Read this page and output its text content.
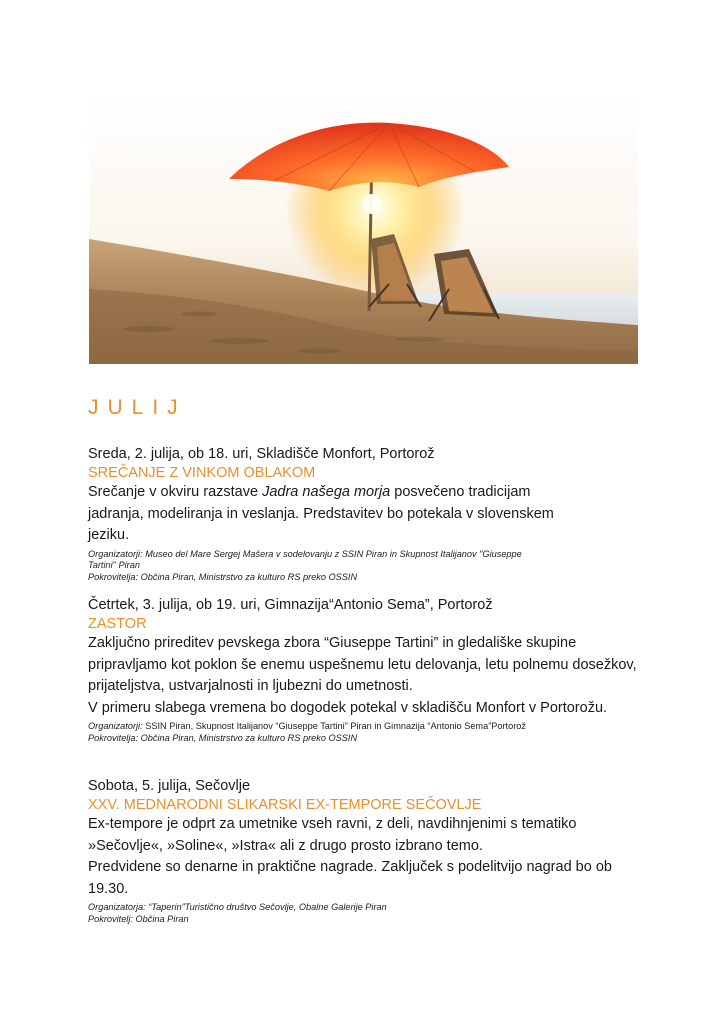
JULIJ
Sreda, 2. julija, ob 18. uri, Skladišče Monfort, Portorož
SREČANJE Z VINKOM OBLAKOM
Srečanje v okviru razstave Jadra našega morja posvečeno tradicijam jadranja, modeliranja in veslanja. Predstavitev bo potekala v slovenskem jeziku.
Organizatorji: Museo del Mare Sergej Mašera v sodelovanju z SSIN Piran in Skupnost Italijanov "Giuseppe Tartini" Piran
Pokroviteljа: Občina Piran, Ministrstvo za kulturo RS preko OSSIN
Četrtek, 3. julija, ob 19. uri, Gimnazija“Antonio Sema”, Portorož
ZASTOR

Zaključno prireditev pevskega zbora “Giuseppe Tartini” in gledališke skupine pripravljamo kot poklon še enemu uspešnemu letu delovanja, letu polnemu dosežkov, prijateljstva, ustvarjalnosti in ljubezni do umetnosti.

V primeru slabega vremena bo dogodek potekal v skladišču Monfort v Portorožu.

Organizatorji: SSIN Piran, Skupnost Italijanov “Giuseppe Tartini” Piran in Gimnazija “Antonio Sema”Portorož
Pokroviteljа: Občina Piran, Ministrstvo za kulturo RS preko OSSIN
Sobota, 5. julija, Sečovlje
XXV. MEDNARODNI SLIKARSKI EX-TEMPORE SEČOVLJE

Ex-tempore je odprt za umetnike vseh ravni, z deli, navdihnjenimi s tematiko »Sečovlje«, »Soline«, »Istra« ali z drugo prosto izbrano temo.

Predvidene so denarne in praktične nagrade. Zaključek s podelitvijo nagrad bo ob 19.30.

Organizatorja: “Taperin”Turistično društvo Sečovlje, Obalne Galerije Piran
Pokrovitelj: Občina Piran
